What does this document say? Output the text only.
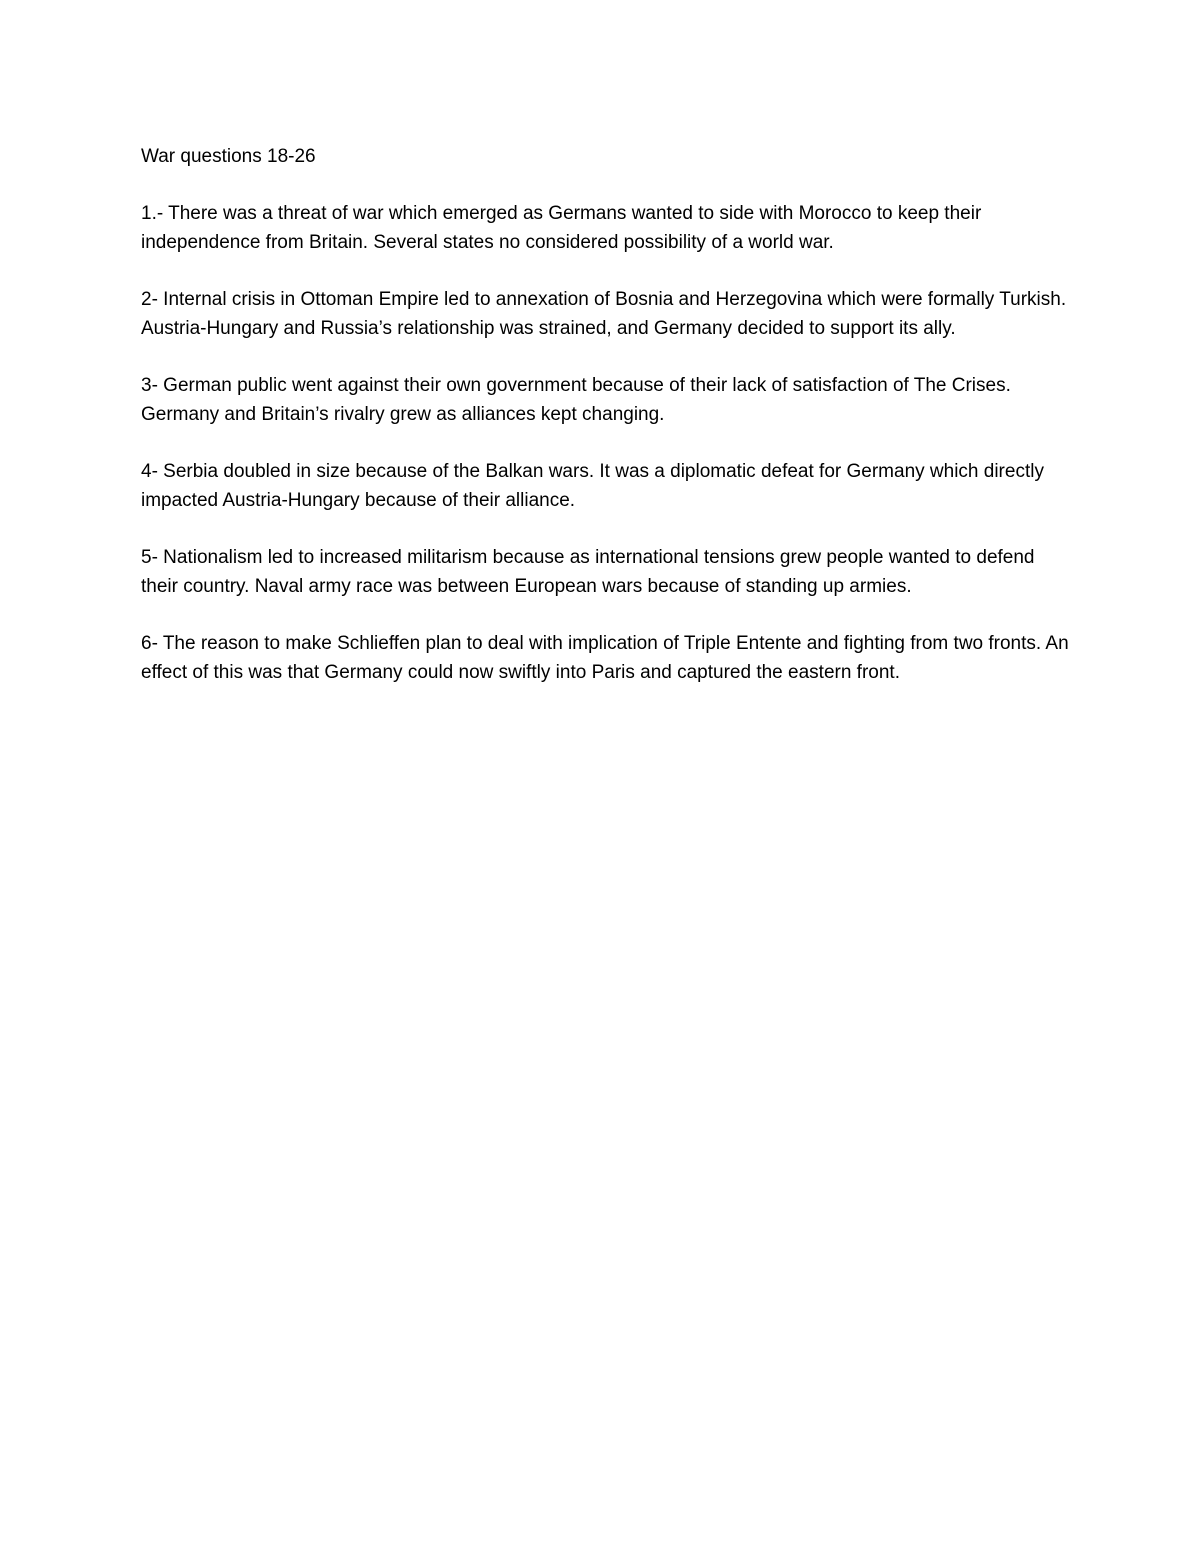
War questions 18-26

1.- There was a threat of war which emerged as Germans wanted to side with Morocco to keep their independence from Britain. Several states no considered possibility of a world war.

2- Internal crisis in Ottoman Empire led to annexation of Bosnia and Herzegovina which were formally Turkish. Austria-Hungary and Russia’s relationship was strained, and Germany decided to support its ally.

3- German public went against their own government because of their lack of satisfaction of The Crises. Germany and Britain’s rivalry grew as alliances kept changing.

4- Serbia doubled in size because of the Balkan wars. It was a diplomatic defeat for Germany which directly impacted Austria-Hungary because of their alliance.

5- Nationalism led to increased militarism because as international tensions grew people wanted to defend their country. Naval army race was between European wars because of standing up armies.

6- The reason to make Schlieffen plan to deal with implication of Triple Entente and fighting from two fronts. An effect of this was that Germany could now swiftly into Paris and captured the eastern front.
